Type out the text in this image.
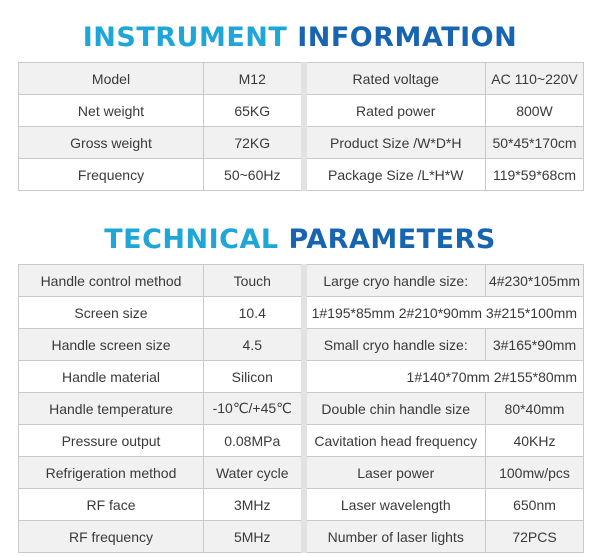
INSTRUMENT INFORMATION
Model	M12	Rated voltage	AC 110~220V
Net weight	65KG	Rated power	800W
Gross weight	72KG	Product Size /W*D*H	50*45*170cm
Frequency	50~60Hz	Package Size /L*H*W	119*59*68cm
TECHNICAL PARAMETERS
Handle control method	Touch	Large cryo handle size:	4#230*105mm
Screen size	10.4	1#195*85mm 2#210*90mm 3#215*100mm	
Handle screen size	4.5	Small cryo handle size:	3#165*90mm
Handle material	Silicon	1#140*70mm 2#155*80mm	
Handle temperature	-10℃/+45℃	Double chin handle size	80*40mm
Pressure output	0.08MPa	Cavitation head frequency	40KHz
Refrigeration method	Water cycle	Laser power	100mw/pcs
RF face	3MHz	Laser wavelength	650nm
RF frequency	5MHz	Number of laser lights	72PCS
